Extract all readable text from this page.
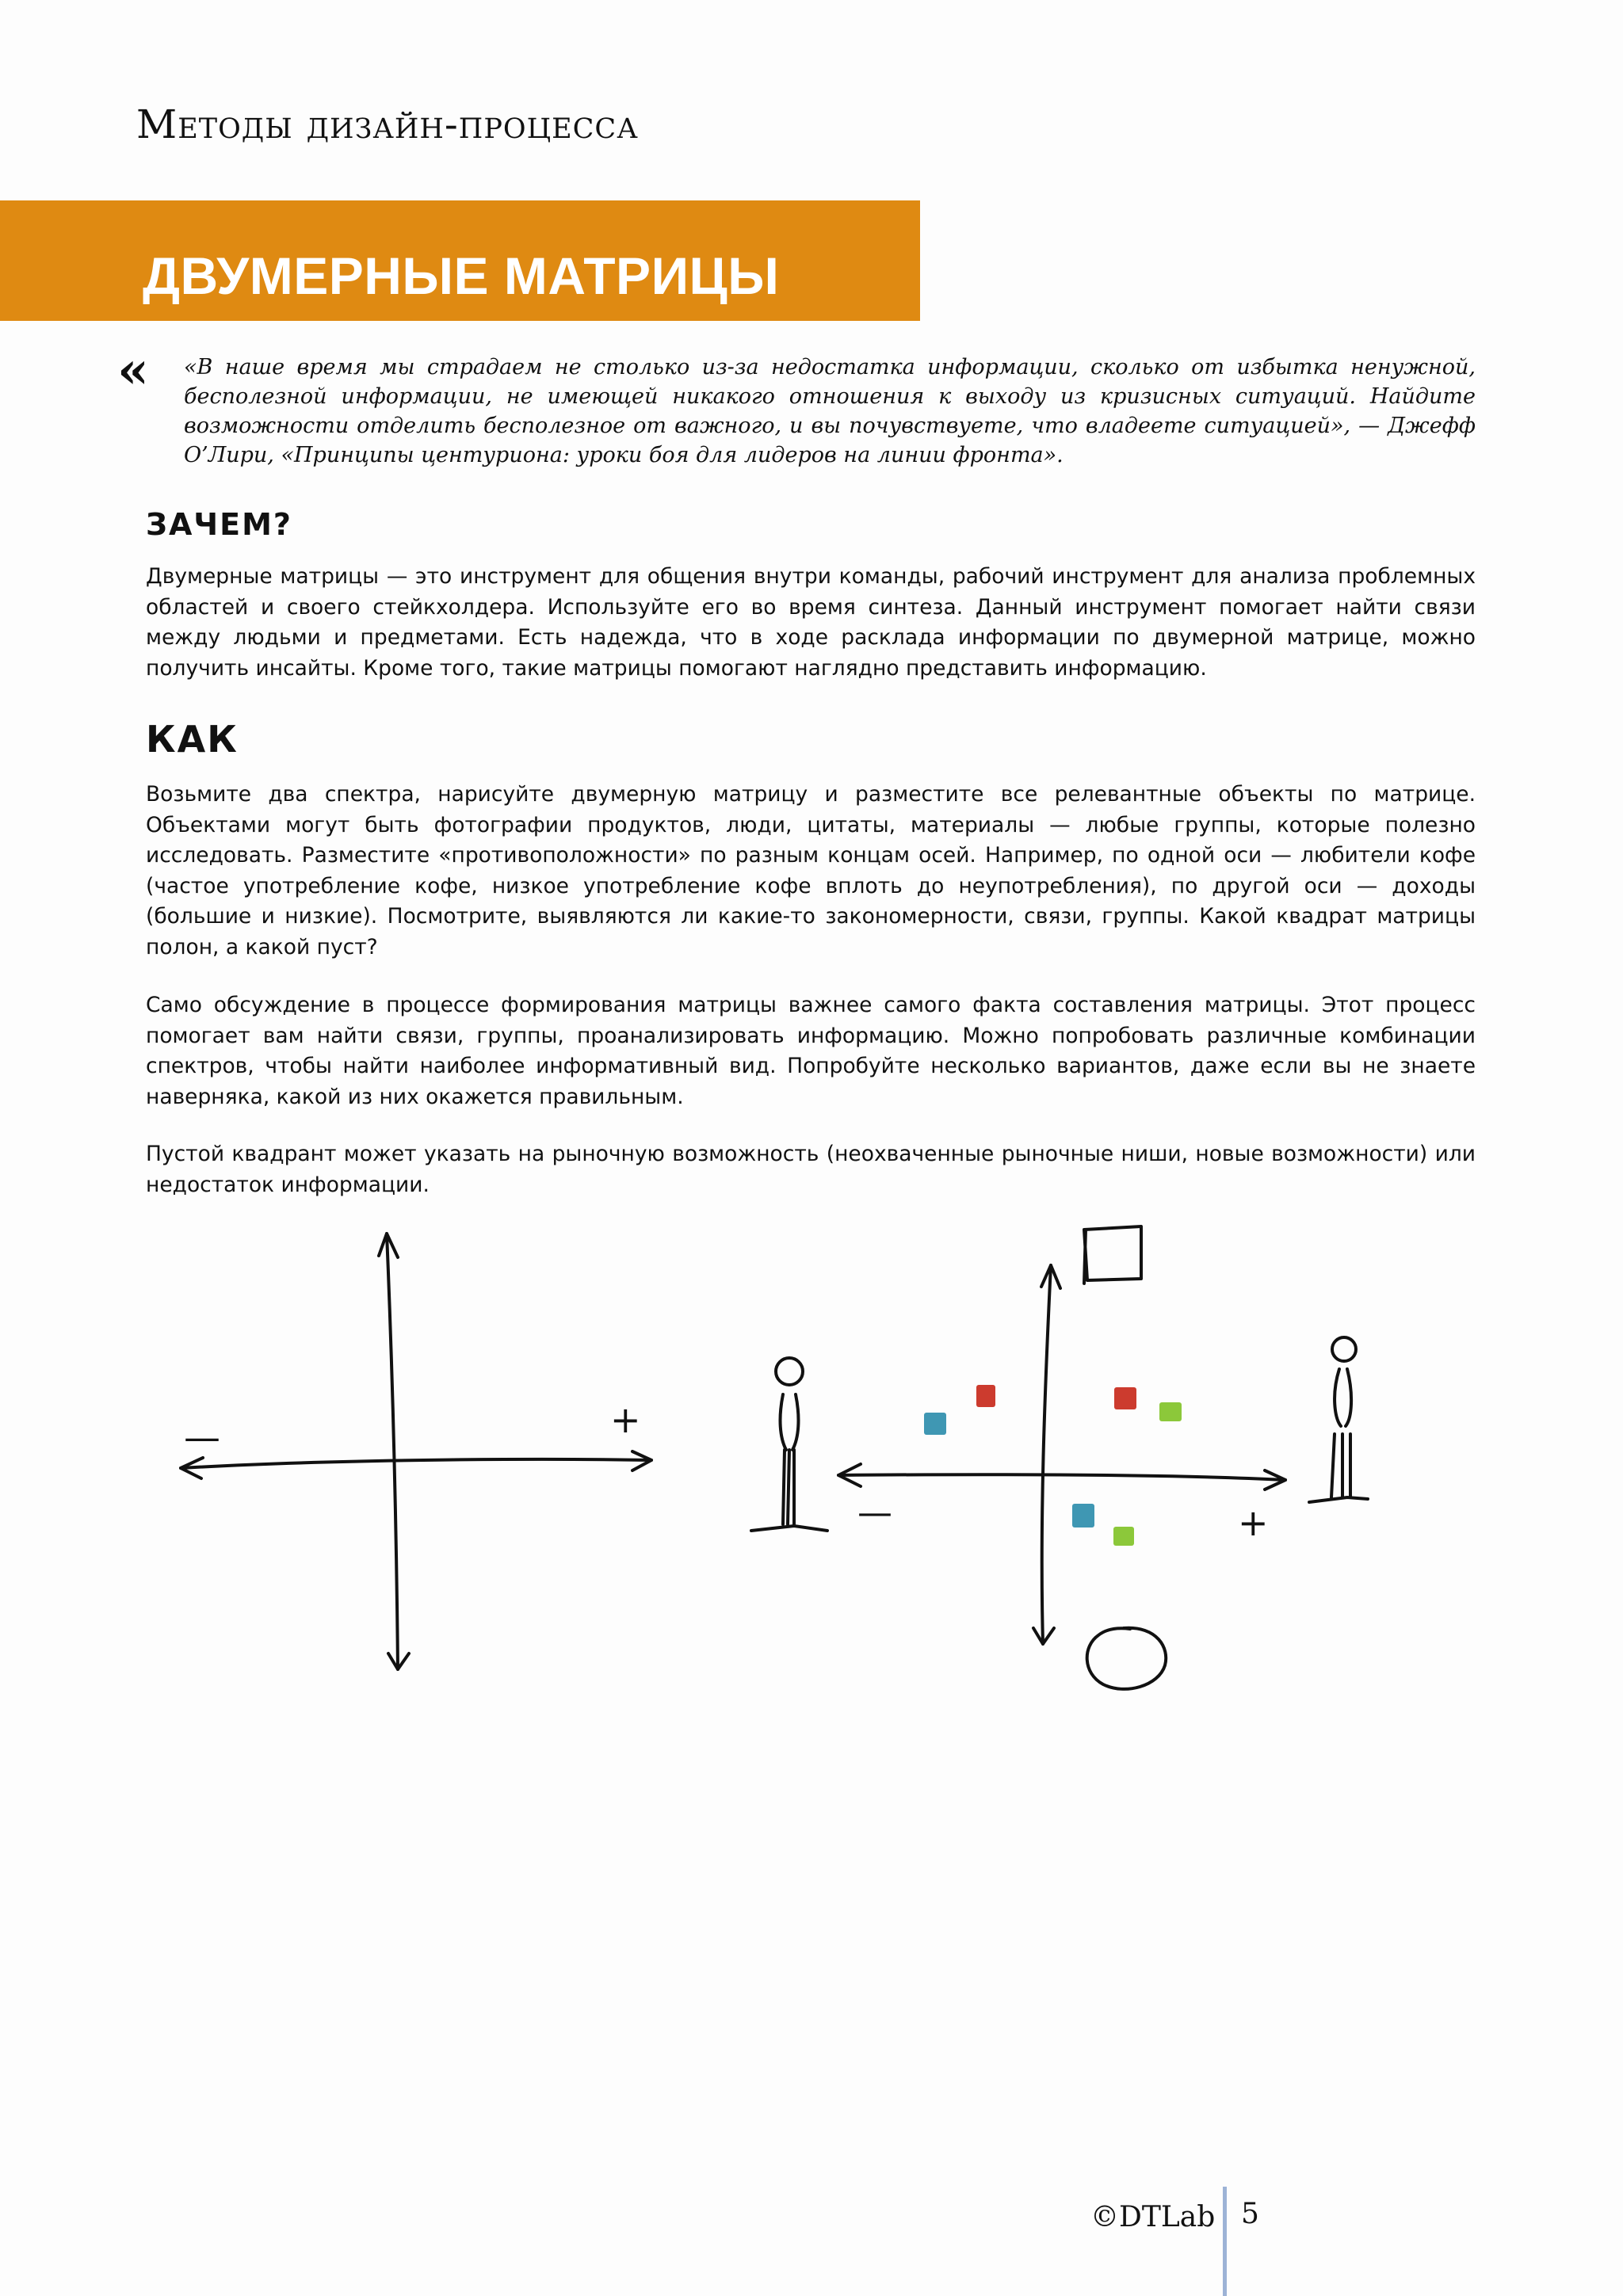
Методы дизайн-процесса
ДВУМЕРНЫЕ МАТРИЦЫ
« «В наше время мы страдаем не столько из-за недостатка информации, сколько от избытка ненужной, бесполезной информации, не имеющей никакого отношения к выходу из кризисных ситуаций. Найдите возможности отделить бесполезное от важного, и вы почувствуете, что владеете ситуацией», — Джефф О’Лири, «Принципы центуриона: уроки боя для лидеров на линии фронта».

ЗАЧЕМ?

Двумерные матрицы — это инструмент для общения внутри команды, рабочий инструмент для анализа проблемных областей и своего стейкхолдера. Используйте его во время синтеза. Данный инструмент помогает найти связи между людьми и предметами. Есть надежда, что в ходе расклада информации по двумерной матрице, можно получить инсайты. Кроме того, такие матрицы помогают наглядно представить информацию.

КАК

Возьмите два спектра, нарисуйте двумерную матрицу и разместите все релевантные объекты по матрице. Объектами могут быть фотографии продуктов, люди, цитаты, материалы — любые группы, которые полезно исследовать. Разместите «противоположности» по разным концам осей. Например, по одной оси — любители кофе (частое употребление кофе, низкое употребление кофе вплоть до неупотребления), по другой оси — доходы (большие и низкие). Посмотрите, выявляются ли какие-то закономерности, связи, группы. Какой квадрат матрицы полон, а какой пуст?

Само обсуждение в процессе формирования матрицы важнее самого факта составления матрицы. Этот процесс помогает вам найти связи, группы, проанализировать информацию. Можно попробовать различные комбинации спектров, чтобы найти наиболее информативный вид. Попробуйте несколько вариантов, даже если вы не знаете наверняка, какой из них окажется правильным.

Пустой квадрант может указать на рыночную возможность (неохваченные рыночные ниши, новые возможности) или недостаток информации.

—	+
—	+
©DTLab 5
